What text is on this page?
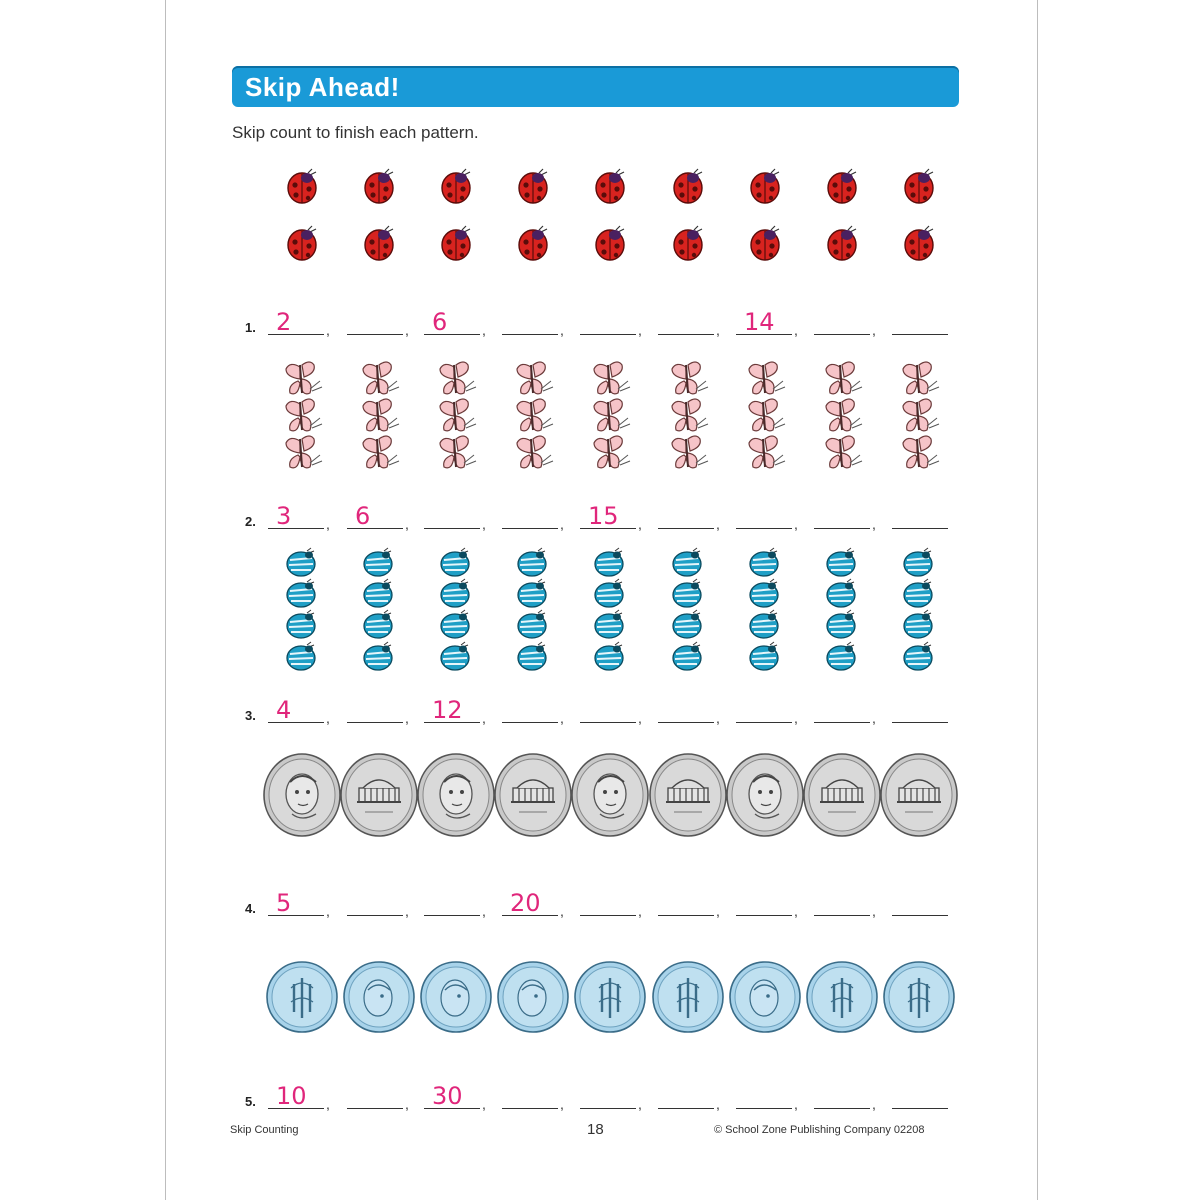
Skip Ahead!
Skip count to finish each pattern.
1. 2 ,	, 6 ,	,	,	, 14 ,	,
2. 3 , 6 ,	,	, 15 ,	,	,	,
3. 4 ,	, 12 ,	,	,	,	,	,
4. 5 ,	,	, 20 ,	,	,	,	,
5. 10 ,	, 30 ,	,	,	,	,	,
Skip Counting	18	© School Zone Publishing Company 02208
